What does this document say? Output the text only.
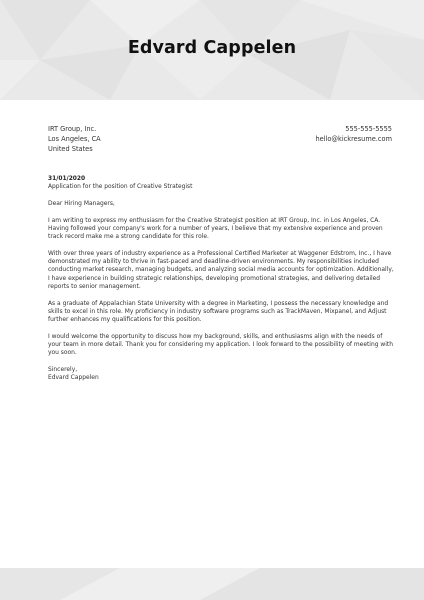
Edvard Cappelen
IRT Group, Inc.
Los Angeles, CA
United States
555-555-5555
hello@kickresume.com
31/01/2020
Application for the position of Creative Strategist

Dear Hiring Managers,

I am writing to express my enthusiasm for the Creative Strategist position at IRT Group, Inc. in Los Angeles, CA. Having followed your company's work for a number of years, I believe that my extensive experience and proven track record make me a strong candidate for this role.

With over three years of industry experience as a Professional Certified Marketer at Waggener Edstrom, Inc., I have demonstrated my ability to thrive in fast-paced and deadline-driven environments. My responsibilities included conducting market research, managing budgets, and analyzing social media accounts for optimization. Additionally, I have experience in building strategic relationships, developing promotional strategies, and delivering detailed reports to senior management.

As a graduate of Appalachian State University with a degree in Marketing, I possess the necessary knowledge and skills to excel in this role. My proficiency in industry software programs such as TrackMaven, Mixpanel, and Adjust further enhances my qualifications for this position.

I would welcome the opportunity to discuss how my background, skills, and enthusiasms align with the needs of your team in more detail. Thank you for considering my application. I look forward to the possibility of meeting with you soon.

Sincerely,

Edvard Cappelen
